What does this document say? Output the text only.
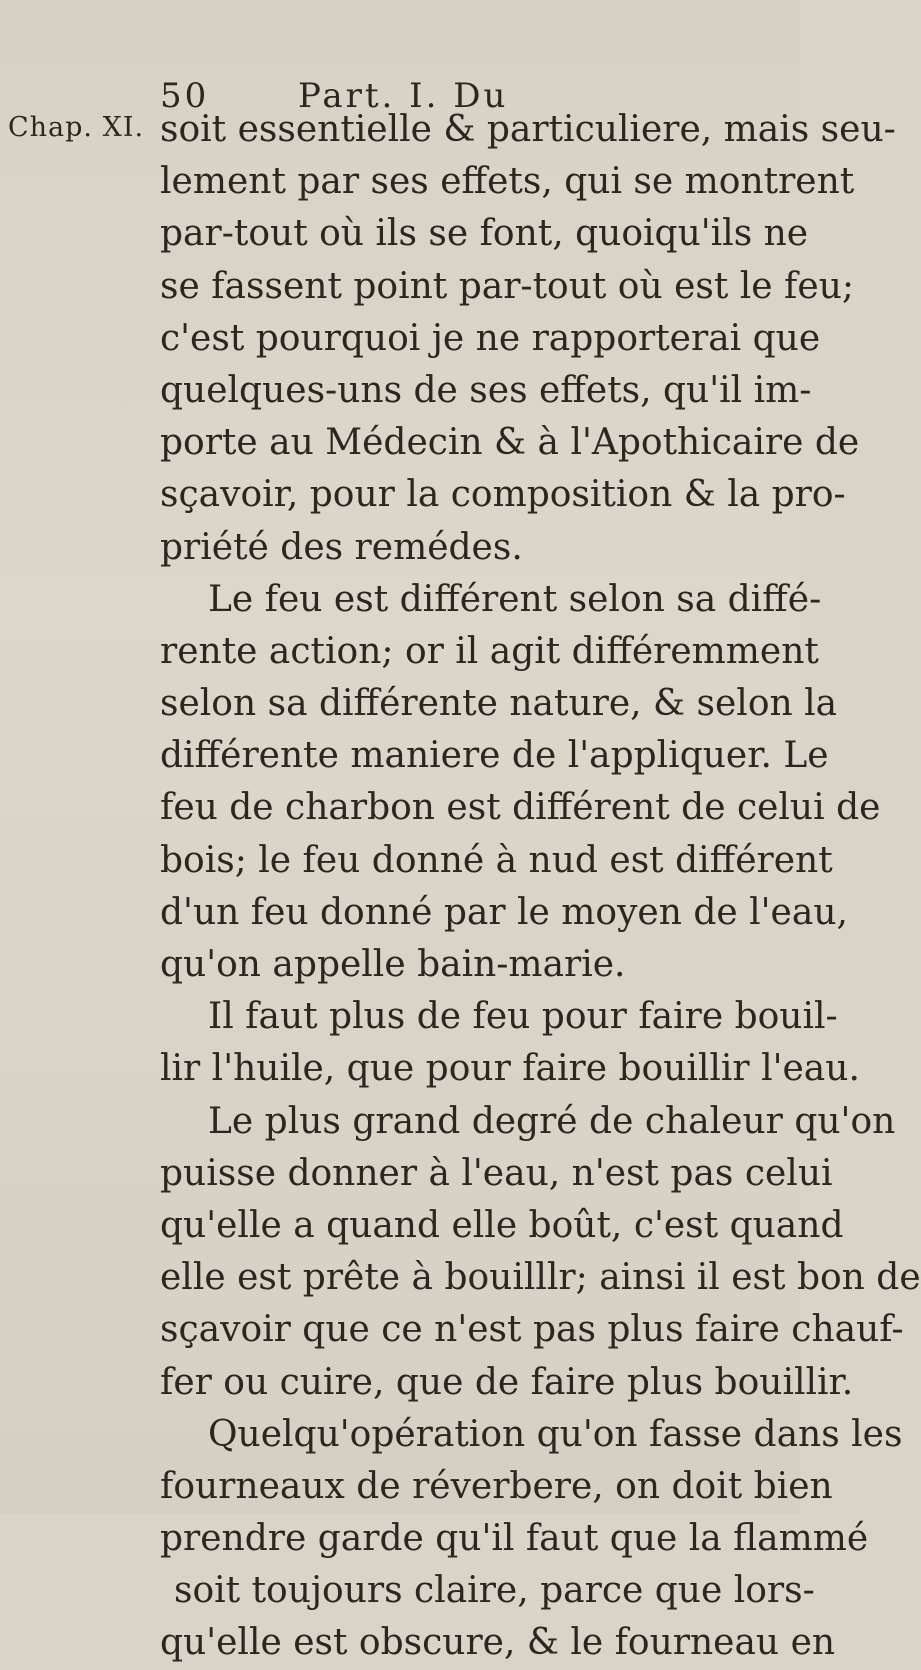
50	Part. I. Du
Chap. XI. soit essentielle & particuliere, mais seu-
lement par ses effets, qui se montrent
par-tout où ils se font, quoiqu'ils ne
se fassent point par-tout où est le feu;
c'est pourquoi je ne rapporterai que
quelques-uns de ses effets, qu'il im-
porte au Médecin & à l'Apothicaire de
sçavoir, pour la composition & la pro-
priété des remédes.
Le feu est différent selon sa diffé-
rente action; or il agit différemment
selon sa différente nature, & selon la
différente maniere de l'appliquer. Le
feu de charbon est différent de celui de
bois; le feu donné à nud est différent
d'un feu donné par le moyen de l'eau,
qu'on appelle bain-marie.
Il faut plus de feu pour faire bouil-
lir l'huile, que pour faire bouillir l'eau.
Le plus grand degré de chaleur qu'on
puisse donner à l'eau, n'est pas celui
qu'elle a quand elle boût, c'est quand
elle est prête à bouilllr; ainsi il est bon de
sçavoir que ce n'est pas plus faire chauf-
fer ou cuire, que de faire plus bouillir.
Quelqu'opération qu'on fasse dans les
fourneaux de réverbere, on doit bien
prendre garde qu'il faut que la flammé
soit toujours claire, parce que lors-
qu'elle est obscure, & le fourneau en
